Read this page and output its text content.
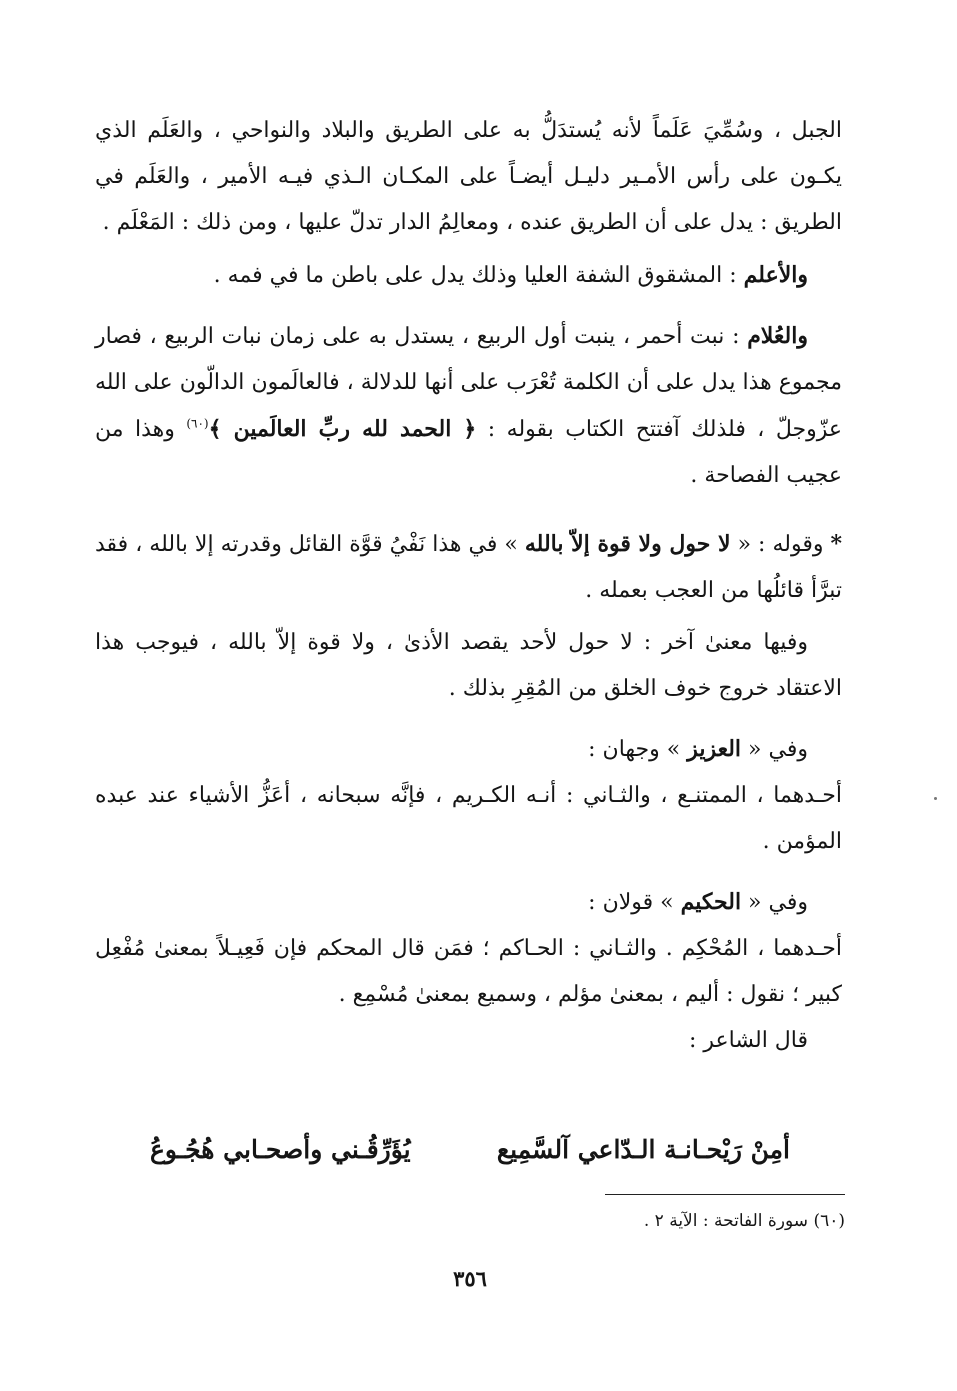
الجبل ، وسُمِّيَ عَلَماً لأنه يُستدَلُّ به على الطريق والبلاد والنواحي ، والعَلَم الذي يكـون على رأس الأمـير دليـل أيضـاً على المكـان الـذي فيـه الأمير ، والعَلَم في الطريق : يدل على أن الطريق عنده ، ومعالِمُ الدار تدلّ عليها ، ومن ذلك : المَعْلَم .

والأعلم : المشقوق الشفة العليا وذلك يدل على باطن ما في فمه .

والعُلام : نبت أحمر ، ينبت أول الربيع ، يستدل به على زمان نبات الربيع ، فصار مجموع هذا يدل على أن الكلمة تُعْرَب على أنها للدلالة ، فالعالَمون الدالّون على الله عزّوجلّ ، فلذلك آفتتح الكتاب بقوله : ﴿ الحمد لله ربِّ العالَمين ﴾$^{(٦٠)}$ وهذا من عجيب الفصاحة .

* وقوله : « لا حول ولا قوة إلاّ بالله » في هذا نَفْيُ قوَّة القائل وقدرته إلا بالله ، فقد تبرَّأ قائلُها من العجب بعمله .

وفيها معنىٰ آخر : لا حول لأحد يقصد الأذىٰ ، ولا قوة إلاّ بالله ، فيوجب هذا الاعتقاد خروج خوف الخلق من المُقِرِ بذلك .

وفي « العزيز » وجهان :

أحـدهما ، الممتنـع ، والثـاني : أنـه الكـريم ، فإنَّه سبحانه ، أعَزُّ الأشياء عند عبده المؤمن .

وفي « الحكيم » قولان :

أحـدهما ، المُحْكِم . والثـاني : الحـاكم ؛ فمَن قال المحكم فإن فَعِيـلاً بمعنىٰ مُفْعِل كبير ؛ نقول : أليم ، بمعنىٰ مؤلم ، وسميع بمعنىٰ مُسْمِع .

قال الشاعر :

أمِنْ رَيْحـانـة الـدّاعي آلسَّمِيع
يُؤَرِّقُـني وأصحـابي هُجُـوعُ
(٦٠) سورة الفاتحة : الآية ٢ .
٣٥٦
